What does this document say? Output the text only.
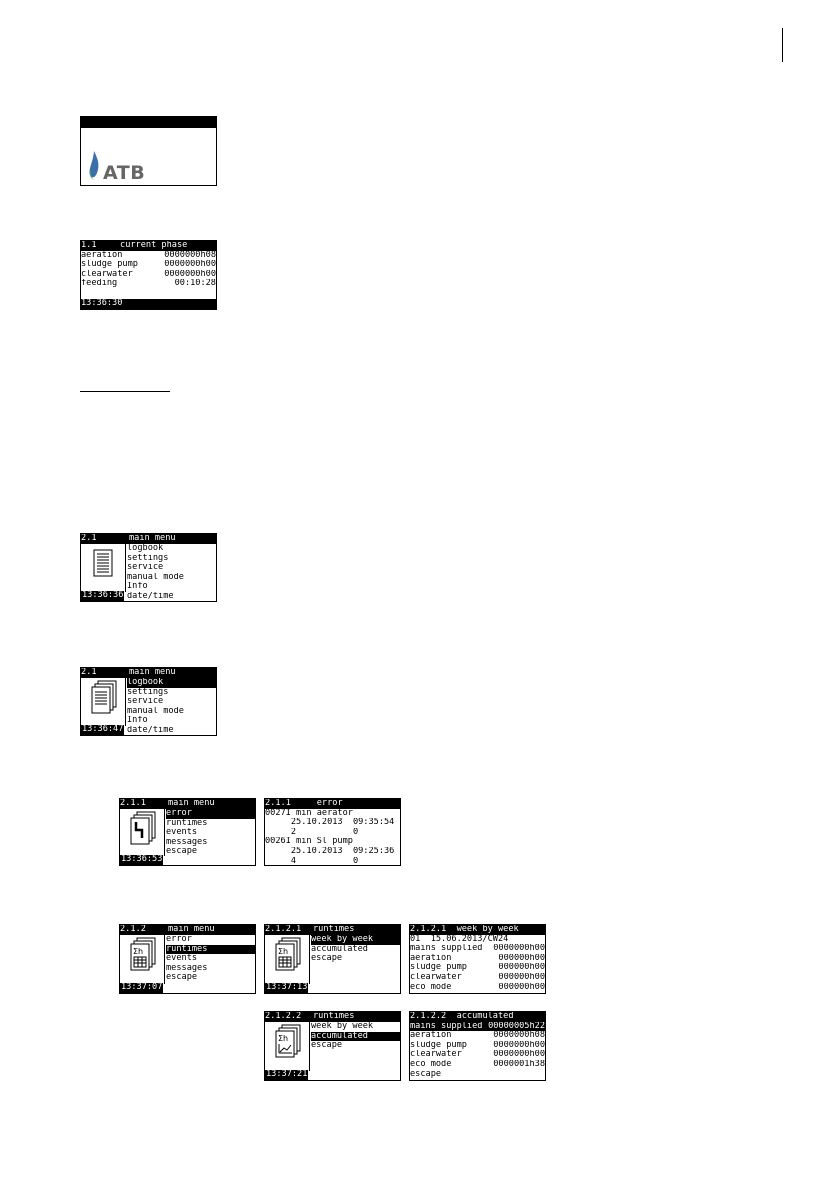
ATB
1.1	current phase

aeration	0000000h08
sludge pump	0000000h00
clearwater	0000000h00
feeding	00:10:28
13:36:30
2.1	main menu
logbook
settings
service
manual mode
Info
date/time
13:36:36
2.1	main menu
logbook
settings
service
manual mode
Info
date/time
13:36:47
2.1.1	main menu
error
runtimes
events
messages
escape
13:36:53
2.1.1	error
0027I min aerator
25.10.2013  09:35:54
2           0
0026I min Sl pump
25.10.2013  09:25:36
4           0
2.1.2	main menu
Σh
error
runtimes
events
messages
escape
13:37:07
2.1.2.1 runtimes
Σh
week by week
accumulated
escape
13:37:13
2.1.2.1 week by week
01  15.06.2013/CW24
mains supplied 0000000h00
aeration	000000h00
sludge pump	000000h00
clearwater	000000h00
eco mode	000000h00
2.1.2.2 runtimes
Σh
week by week
accumulated
escape
13:37:21
2.1.2.2 accumulated
mains supplied 00000005h22
aeration	0000000h08
sludge pump	0000000h00
clearwater	0000000h00
eco mode	0000001h38
escape
